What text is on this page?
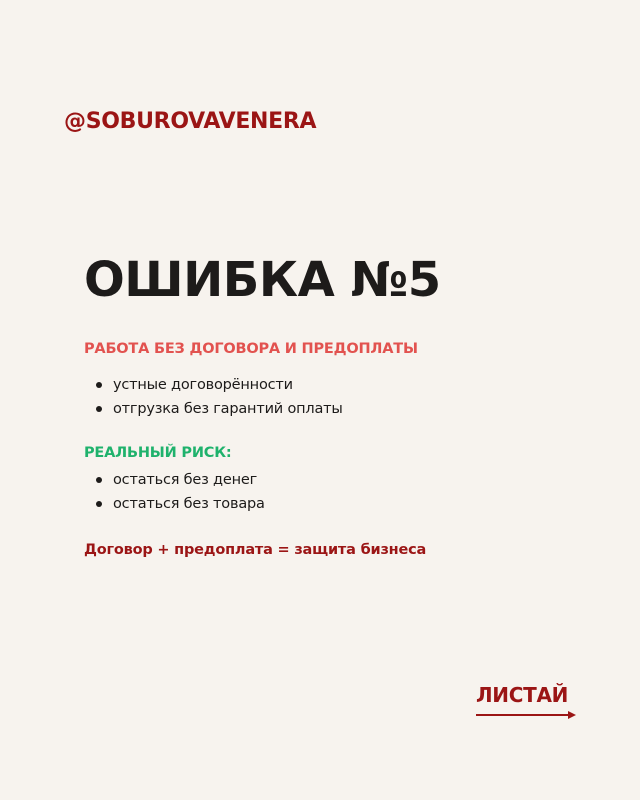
@SOBUROVAVENERA
ОШИБКА №5
РАБОТА БЕЗ ДОГОВОРА И ПРЕДОПЛАТЫ
устные договорённости
отгрузка без гарантий оплаты
РЕАЛЬНЫЙ РИСК:
остаться без денег
остаться без товара
Договор + предоплата = защита бизнеса
ЛИСТАЙ
